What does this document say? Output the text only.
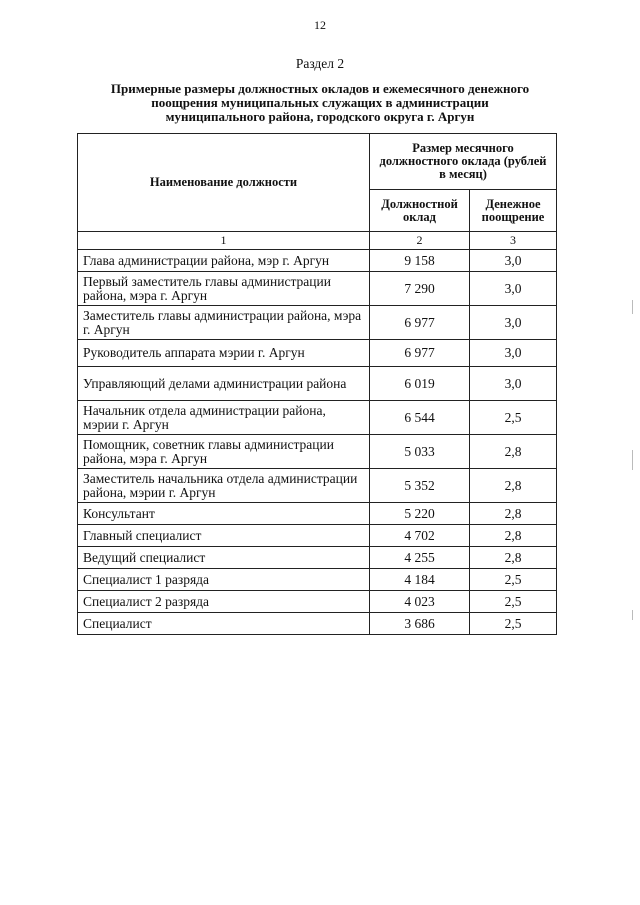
12
Раздел 2
Примерные размеры должностных окладов и ежемесячного денежного
поощрения муниципальных служащих в администрации
муниципального района, городского округа г. Аргун
Наименование должности	Размер месячного должностного оклада (рублей в месяц)	
	Должностной оклад	Денежное поощрение
1	2	3
Глава администрации района, мэр г. Аргун	9 158	3,0
Первый заместитель главы администрации района, мэра г. Аргун	7 290	3,0
Заместитель главы администрации района, мэра г. Аргун	6 977	3,0
Руководитель аппарата мэрии г. Аргун	6 977	3,0
Управляющий делами администрации района	6 019	3,0
Начальник отдела администрации района, мэрии г. Аргун	6 544	2,5
Помощник, советник главы администрации района, мэра г. Аргун	5 033	2,8
Заместитель начальника отдела администрации района, мэрии г. Аргун	5 352	2,8
Консультант	5 220	2,8
Главный специалист	4 702	2,8
Ведущий специалист	4 255	2,8
Специалист 1 разряда	4 184	2,5
Специалист 2 разряда	4 023	2,5
Специалист	3 686	2,5
